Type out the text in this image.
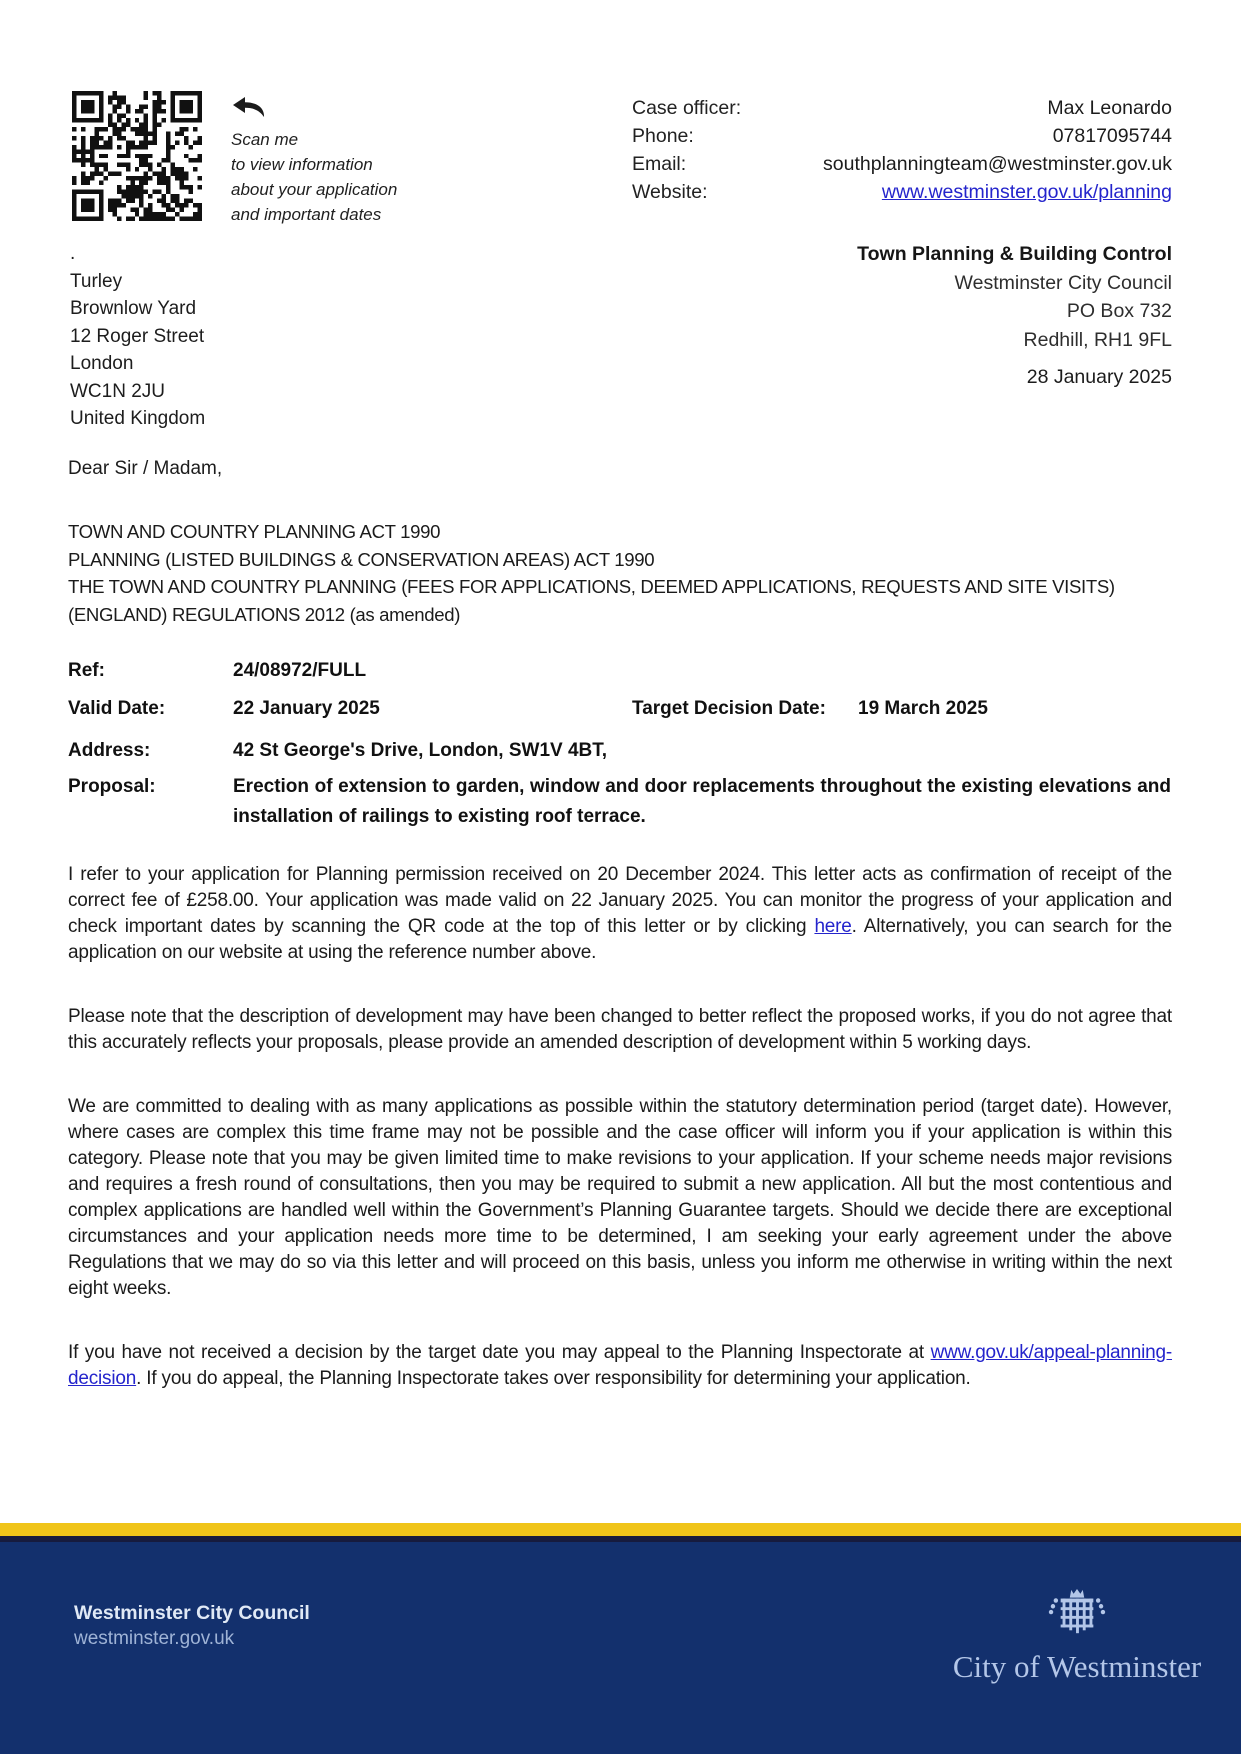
Scan me
to view information
about your application
and important dates
Case officer:	Max Leonardo
Phone:	07817095744
Email:	southplanningteam@westminster.gov.uk
Website:	www.westminster.gov.uk/planning
Town Planning & Building Control
Westminster City Council
PO Box 732
Redhill, RH1 9FL
28 January 2025
.
Turley
Brownlow Yard
12 Roger Street
London
WC1N 2JU
United Kingdom
Dear Sir / Madam,
TOWN AND COUNTRY PLANNING ACT 1990
PLANNING (LISTED BUILDINGS & CONSERVATION AREAS) ACT 1990
THE TOWN AND COUNTRY PLANNING (FEES FOR APPLICATIONS, DEEMED APPLICATIONS, REQUESTS AND SITE VISITS) (ENGLAND) REGULATIONS 2012 (as amended)
Ref:	24/08972/FULL
Valid Date:	22 January 2025	Target Decision Date: 19 March 2025
Address:	42 St George's Drive, London, SW1V 4BT,
Proposal:	Erection of extension to garden, window and door replacements throughout the existing elevations and installation of railings to existing roof terrace.

I refer to your application for Planning permission received on 20 December 2024. This letter acts as confirmation of receipt of the correct fee of £258.00. Your application was made valid on 22 January 2025. You can monitor the progress of your application and check important dates by scanning the QR code at the top of this letter or by clicking here. Alternatively, you can search for the application on our website at using the reference number above.

Please note that the description of development may have been changed to better reflect the proposed works, if you do not agree that this accurately reflects your proposals, please provide an amended description of development within 5 working days.

We are committed to dealing with as many applications as possible within the statutory determination period (target date). However, where cases are complex this time frame may not be possible and the case officer will inform you if your application is within this category. Please note that you may be given limited time to make revisions to your application. If your scheme needs major revisions and requires a fresh round of consultations, then you may be required to submit a new application. All but the most contentious and complex applications are handled well within the Government’s Planning Guarantee targets. Should we decide there are exceptional circumstances and your application needs more time to be determined, I am seeking your early agreement under the above Regulations that we may do so via this letter and will proceed on this basis, unless you inform me otherwise in writing within the next eight weeks.

If you have not received a decision by the target date you may appeal to the Planning Inspectorate at www.gov.uk/appeal-planning-decision. If you do appeal, the Planning Inspectorate takes over responsibility for determining your application.

Westminster City Council
westminster.gov.uk
City of Westminster
